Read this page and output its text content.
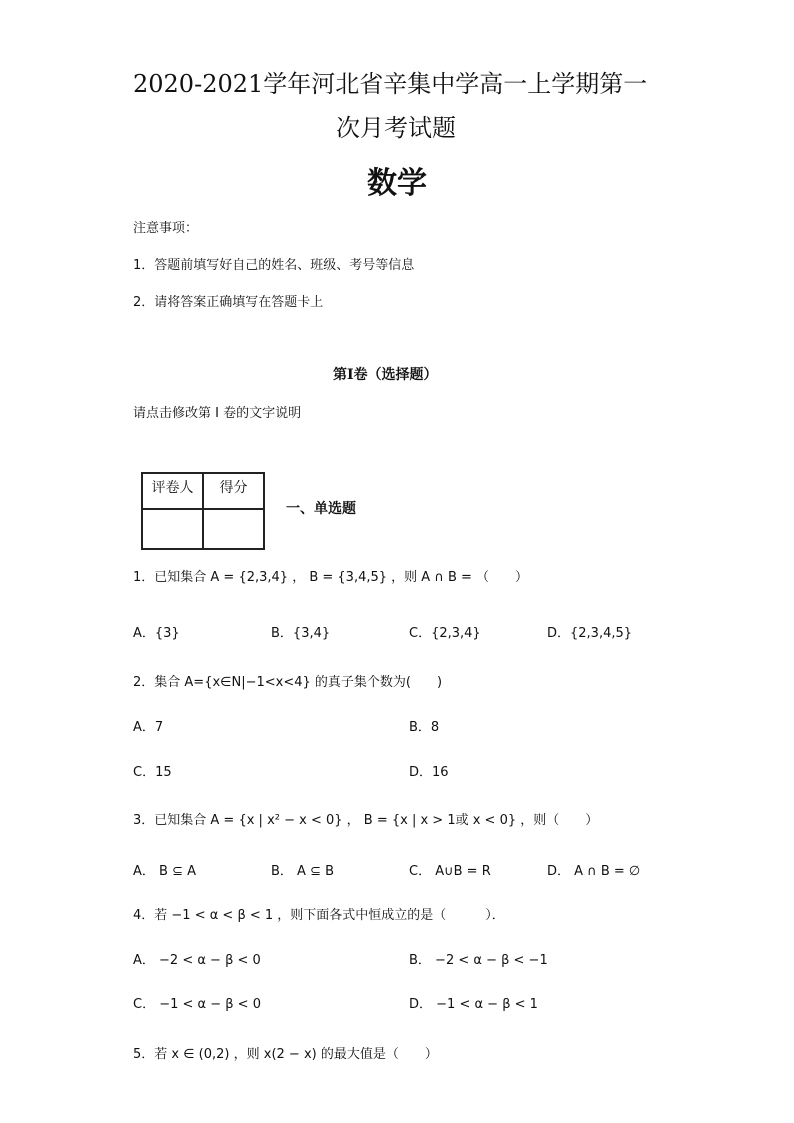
2020-2021学年河北省辛集中学高一上学期第一
次月考试题
数学
注意事项：
1．答题前填写好自己的姓名、班级、考号等信息
2．请将答案正确填写在答题卡上
第I卷（选择题）
请点击修改第 I 卷的文字说明
评卷人	得分

一、单选题
1．已知集合 A = {2,3,4} ， B = {3,4,5} ，则 A ∩ B = （　　）
A．{3}	B．{3,4}	C．{2,3,4}	D．{2,3,4,5}
2．集合 A={x∈N|−1<x<4} 的真子集个数为(　　)
A．7	B．8
C．15	D．16
3．已知集合 A = {x | x² − x < 0} ， B = {x | x > 1或 x < 0} ，则（　　）
A． B ⊆ A	B． A ⊆ B	C． A∪B = R	D． A ∩ B = ∅
4．若 −1 < α < β < 1 ，则下面各式中恒成立的是（　　　）．
A． −2 < α − β < 0	B． −2 < α − β < −1
C． −1 < α − β < 0	D． −1 < α − β < 1
5．若 x ∈ (0,2) ，则 x(2 − x) 的最大值是（　　）
